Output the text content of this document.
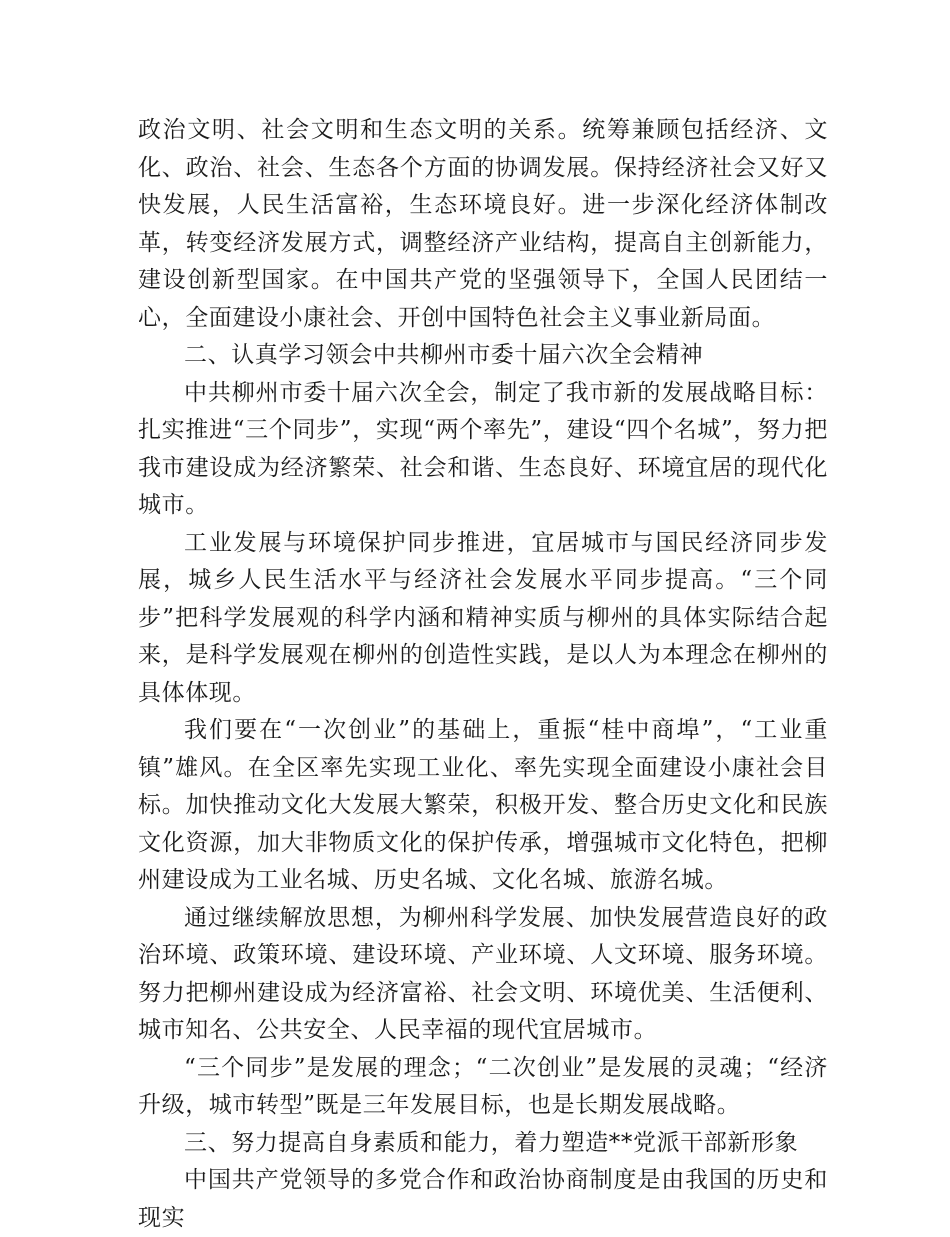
政治文明、社会文明和生态文明的关系。统筹兼顾包括经济、文化、政治、社会、生态各个方面的协调发展。保持经济社会又好又快发展，人民生活富裕，生态环境良好。进一步深化经济体制改革，转变经济发展方式，调整经济产业结构，提高自主创新能力，建设创新型国家。在中国共产党的坚强领导下，全国人民团结一心，全面建设小康社会、开创中国特色社会主义事业新局面。

二、认真学习领会中共柳州市委十届六次全会精神

中共柳州市委十届六次全会，制定了我市新的发展战略目标：扎实推进“三个同步”，实现“两个率先”，建设“四个名城”，努力把我市建设成为经济繁荣、社会和谐、生态良好、环境宜居的现代化城市。

工业发展与环境保护同步推进，宜居城市与国民经济同步发展，城乡人民生活水平与经济社会发展水平同步提高。“三个同步”把科学发展观的科学内涵和精神实质与柳州的具体实际结合起来，是科学发展观在柳州的创造性实践，是以人为本理念在柳州的具体体现。

我们要在“一次创业”的基础上，重振“桂中商埠”，“工业重镇”雄风。在全区率先实现工业化、率先实现全面建设小康社会目标。加快推动文化大发展大繁荣，积极开发、整合历史文化和民族文化资源，加大非物质文化的保护传承，增强城市文化特色，把柳州建设成为工业名城、历史名城、文化名城、旅游名城。

通过继续解放思想，为柳州科学发展、加快发展营造良好的政治环境、政策环境、建设环境、产业环境、人文环境、服务环境。努力把柳州建设成为经济富裕、社会文明、环境优美、生活便利、城市知名、公共安全、人民幸福的现代宜居城市。

“三个同步”是发展的理念；“二次创业”是发展的灵魂；“经济升级，城市转型”既是三年发展目标，也是长期发展战略。

三、努力提高自身素质和能力，着力塑造**党派干部新形象

中国共产党领导的多党合作和政治协商制度是由我国的历史和现实
